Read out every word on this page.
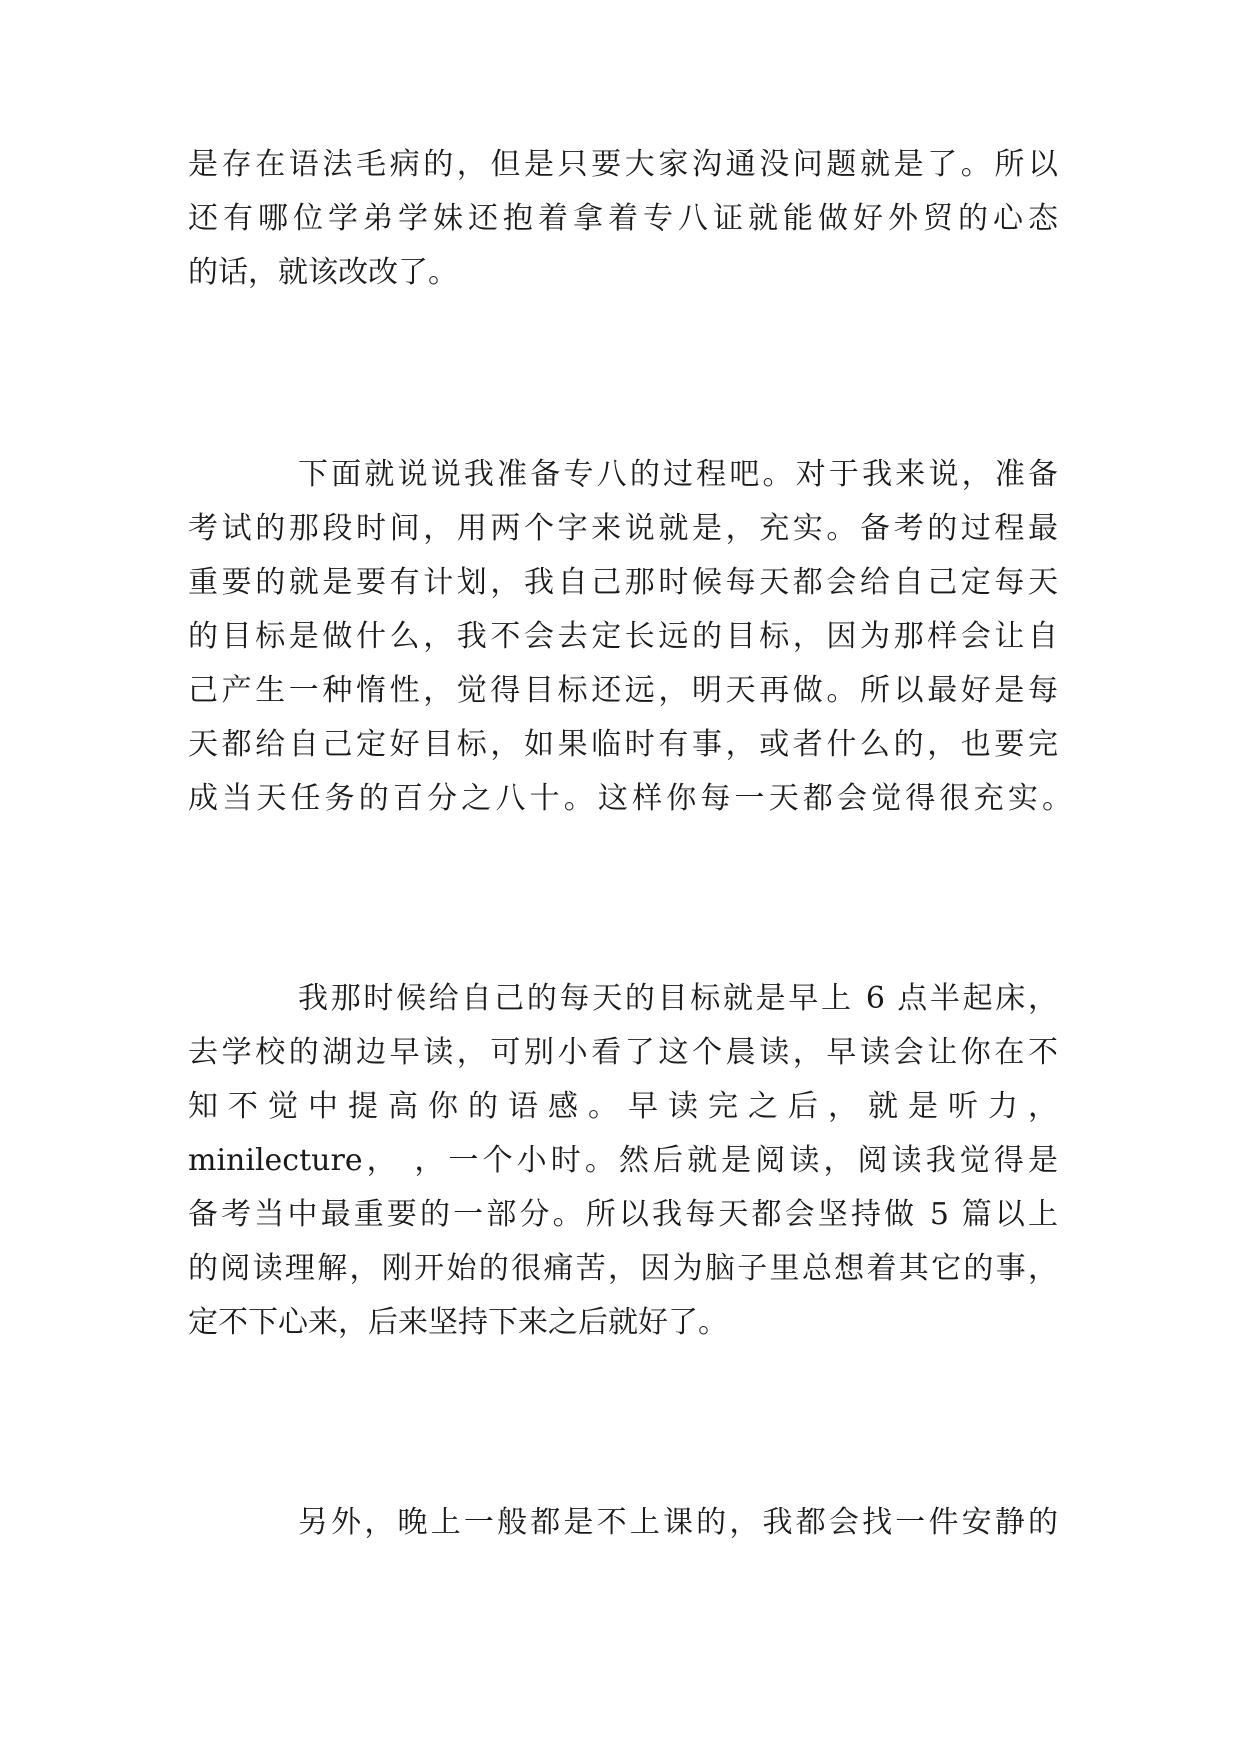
是存在语法毛病的，但是只要大家沟通没问题就是了。所以
还有哪位学弟学妹还抱着拿着专八证就能做好外贸的心态
的话，就该改改了。
下面就说说我准备专八的过程吧。对于我来说，准备
考试的那段时间，用两个字来说就是，充实。备考的过程最
重要的就是要有计划，我自己那时候每天都会给自己定每天
的目标是做什么，我不会去定长远的目标，因为那样会让自
己产生一种惰性，觉得目标还远，明天再做。所以最好是每
天都给自己定好目标，如果临时有事，或者什么的，也要完
成当天任务的百分之八十。这样你每一天都会觉得很充实。
我那时候给自己的每天的目标就是早上 6 点半起床，
去学校的湖边早读，可别小看了这个晨读，早读会让你在不
知不觉中提高你的语感。早读完之后，就是听力，
minilecture， ，一个小时。然后就是阅读，阅读我觉得是
备考当中最重要的一部分。所以我每天都会坚持做 5 篇以上
的阅读理解，刚开始的很痛苦，因为脑子里总想着其它的事，
定不下心来，后来坚持下来之后就好了。
另外，晚上一般都是不上课的，我都会找一件安静的
